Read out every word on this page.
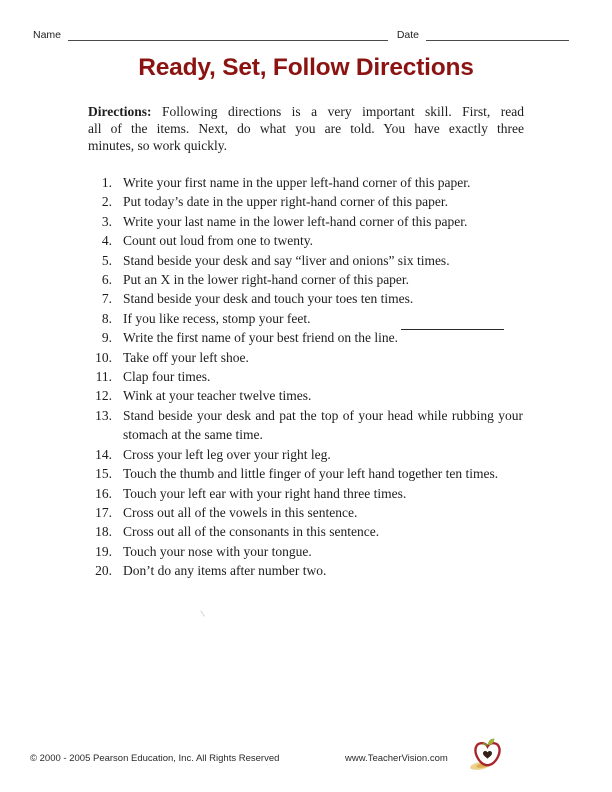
Name	Date
Ready, Set, Follow Directions
Directions: Following directions is a very important skill. First, read
all of the items. Next, do what you are told. You have exactly three
minutes, so work quickly.
1. Write your first name in the upper left-hand corner of this paper.
2. Put today’s date in the upper right-hand corner of this paper.
3. Write your last name in the lower left-hand corner of this paper.
4. Count out loud from one to twenty.
5. Stand beside your desk and say “liver and onions” six times.
6. Put an X in the lower right-hand corner of this paper.
7. Stand beside your desk and touch your toes ten times.
8. If you like recess, stomp your feet.
9. Write the first name of your best friend on the line.
10. Take off your left shoe.
11. Clap four times.
12. Wink at your teacher twelve times.
13. Stand beside your desk and pat the top of your head while rubbing your stomach at the same time.
14. Cross your left leg over your right leg.
15. Touch the thumb and little finger of your left hand together ten times.
16. Touch your left ear with your right hand three times.
17. Cross out all of the vowels in this sentence.
18. Cross out all of the consonants in this sentence.
19. Touch your nose with your tongue.
20. Don’t do any items after number two.
© 2000 - 2005 Pearson Education, Inc. All Rights Reserved	www.TeacherVision.com
